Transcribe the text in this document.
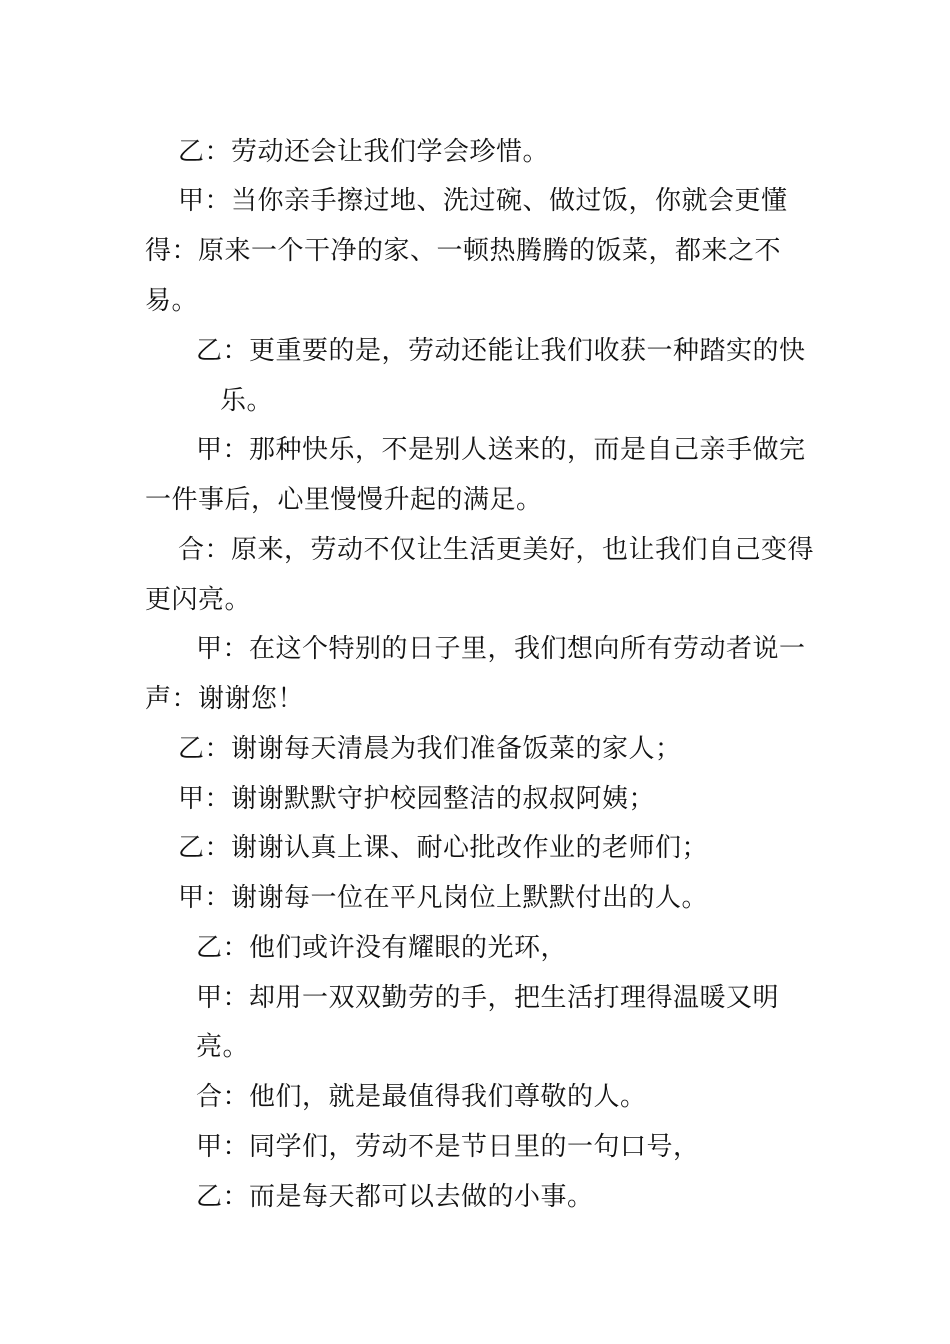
乙：劳动还会让我们学会珍惜。
甲：当你亲手擦过地、洗过碗、做过饭，你就会更懂
得：原来一个干净的家、一顿热腾腾的饭菜，都来之不
易。
乙：更重要的是，劳动还能让我们收获一种踏实的快
乐。
甲：那种快乐，不是别人送来的，而是自己亲手做完
一件事后，心里慢慢升起的满足。
合：原来，劳动不仅让生活更美好，也让我们自己变得
更闪亮。
甲：在这个特别的日子里，我们想向所有劳动者说一
声：谢谢您！
乙：谢谢每天清晨为我们准备饭菜的家人；
甲：谢谢默默守护校园整洁的叔叔阿姨；
乙：谢谢认真上课、耐心批改作业的老师们；
甲：谢谢每一位在平凡岗位上默默付出的人。
乙：他们或许没有耀眼的光环，
甲：却用一双双勤劳的手，把生活打理得温暖又明
亮。
合：他们，就是最值得我们尊敬的人。
甲：同学们，劳动不是节日里的一句口号，
乙：而是每天都可以去做的小事。
